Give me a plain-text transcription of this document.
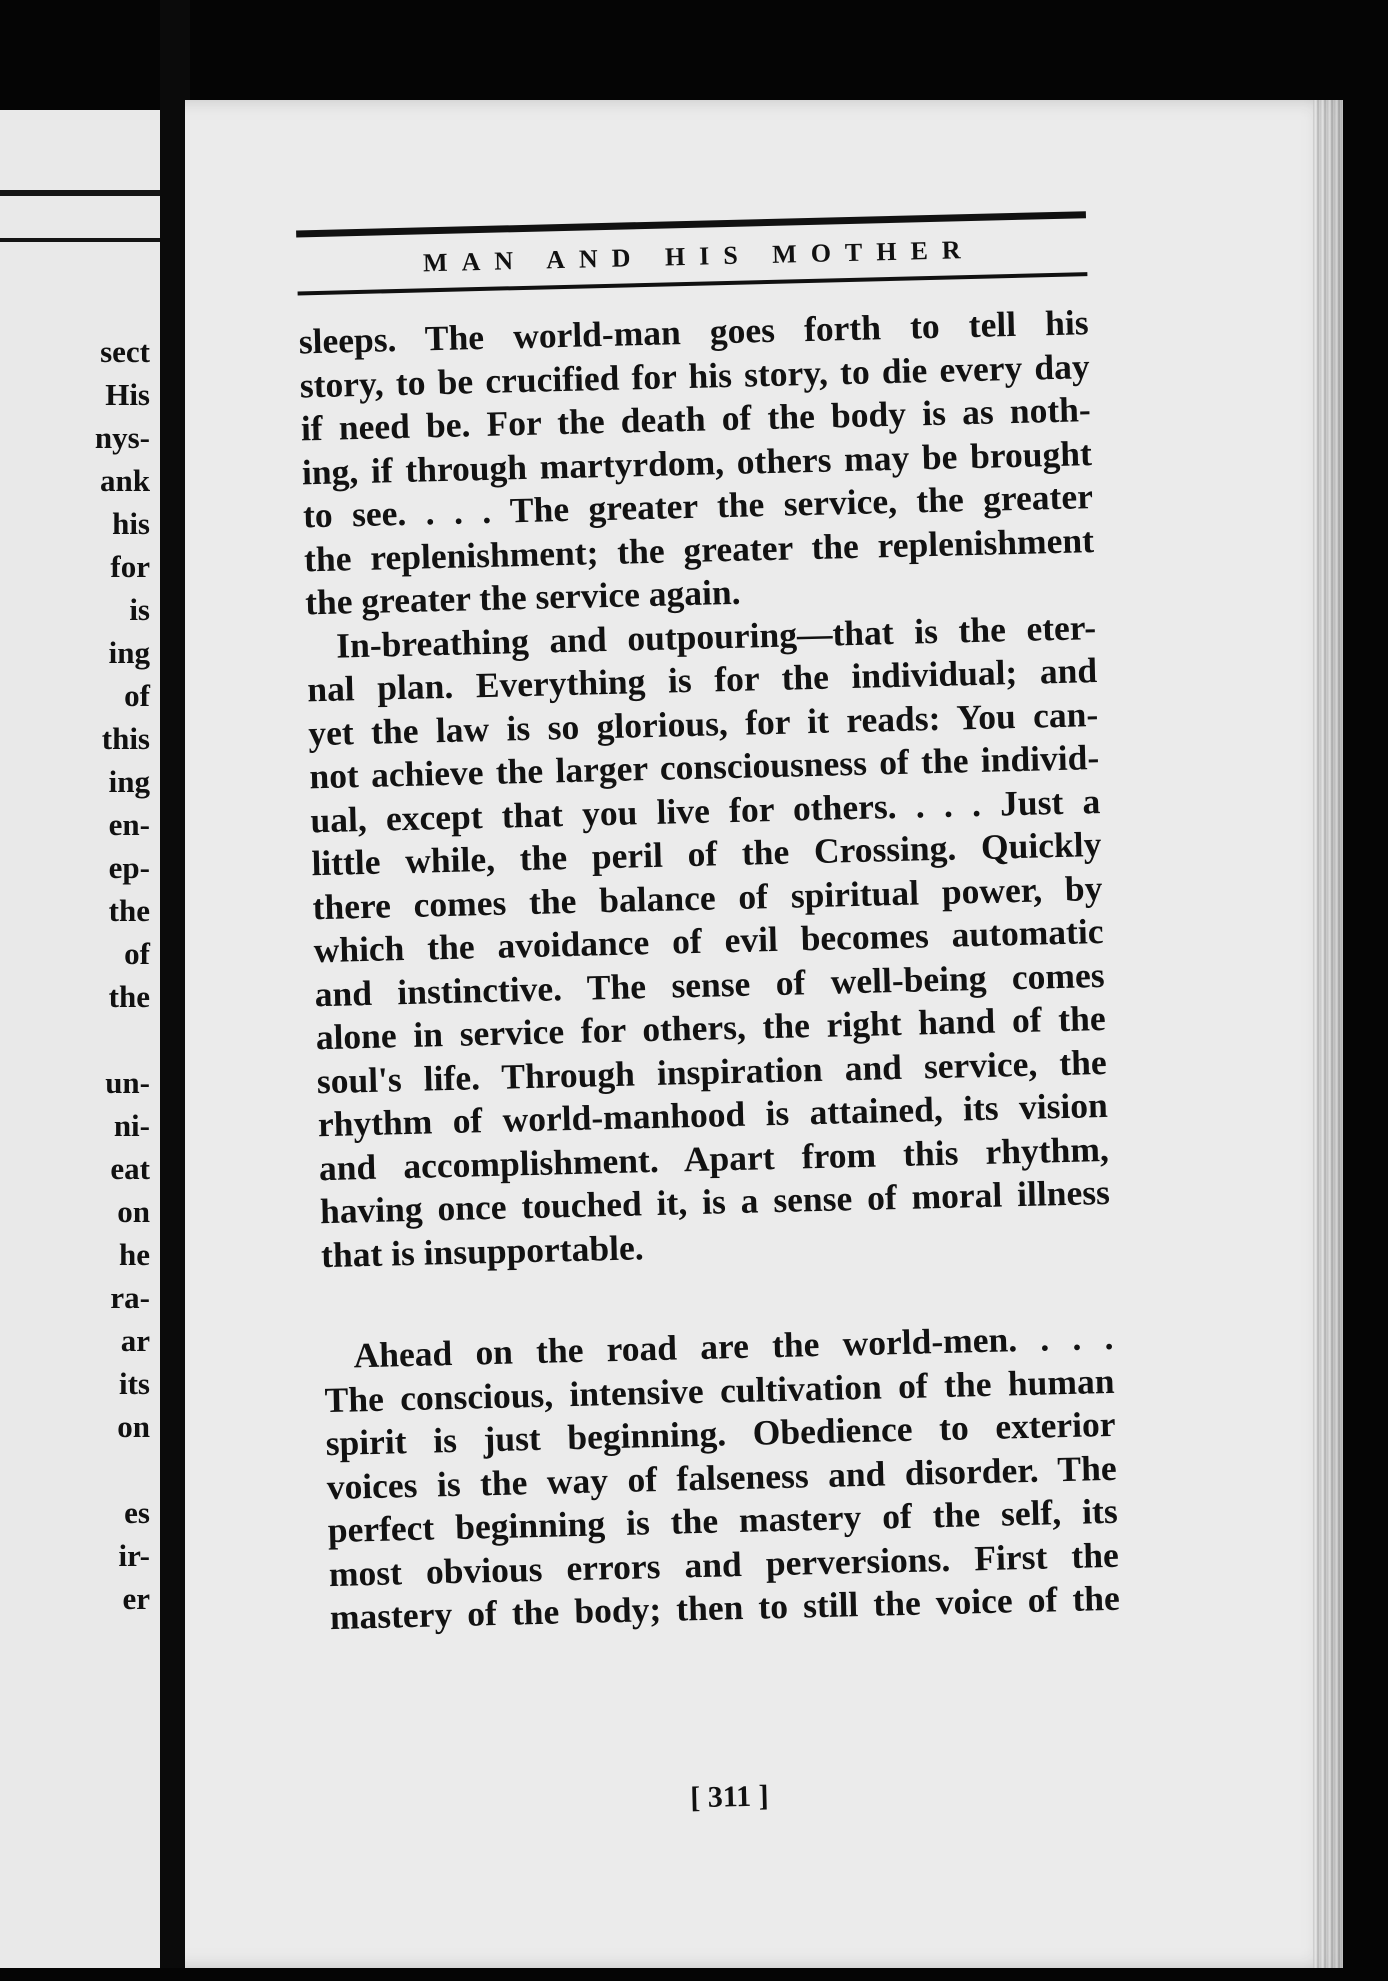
sect
His
nys-
ank
his
for
is
ing
of
this
ing
en-
ep-
the
of
the

un-
ni-
eat
on
he
ra-
ar
its
on

es
ir-
er
MAN AND HIS MOTHER
sleeps. The world-man goes forth to tell his
story, to be crucified for his story, to die every day
if need be. For the death of the body is as noth-
ing, if through martyrdom, others may be brought
to see. . . . The greater the service, the greater
the replenishment; the greater the replenishment
the greater the service again.
In-breathing and outpouring—that is the eter-
nal plan. Everything is for the individual; and
yet the law is so glorious, for it reads: You can-
not achieve the larger consciousness of the individ-
ual, except that you live for others. . . . Just a
little while, the peril of the Crossing. Quickly
there comes the balance of spiritual power, by
which the avoidance of evil becomes automatic
and instinctive. The sense of well-being comes
alone in service for others, the right hand of the
soul's life. Through inspiration and service, the
rhythm of world-manhood is attained, its vision
and accomplishment. Apart from this rhythm,
having once touched it, is a sense of moral illness
that is insupportable.
Ahead on the road are the world-men. . . .
The conscious, intensive cultivation of the human
spirit is just beginning. Obedience to exterior
voices is the way of falseness and disorder. The
perfect beginning is the mastery of the self, its
most obvious errors and perversions. First the
mastery of the body; then to still the voice of the
[ 311 ]
